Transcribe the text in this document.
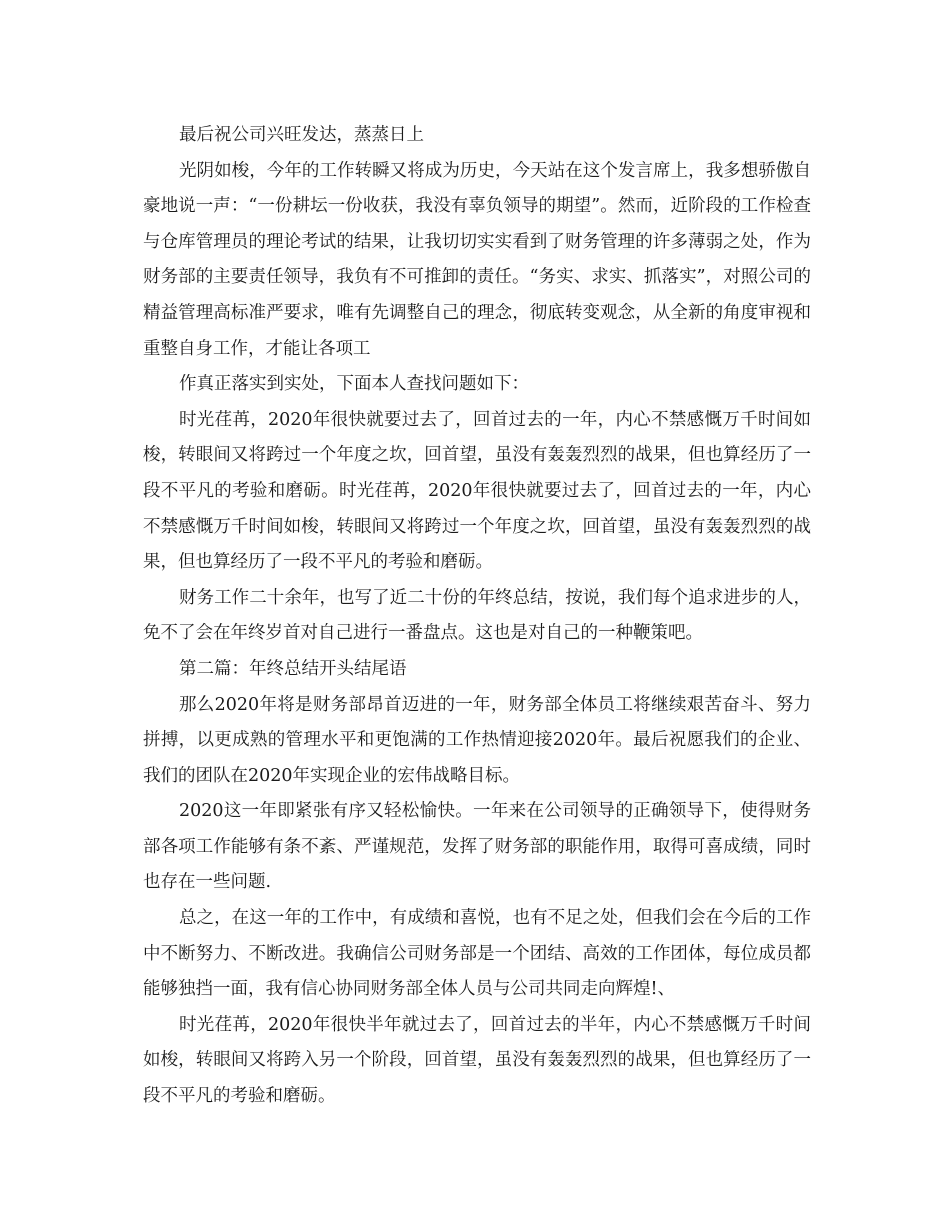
最后祝公司兴旺发达，蒸蒸日上

光阴如梭，今年的工作转瞬又将成为历史，今天站在这个发言席上，我多想骄傲自豪地说一声：“一份耕坛一份收获，我没有辜负领导的期望”。然而，近阶段的工作检查与仓库管理员的理论考试的结果，让我切切实实看到了财务管理的许多薄弱之处，作为财务部的主要责任领导，我负有不可推卸的责任。“务实、求实、抓落实”，对照公司的精益管理高标准严要求，唯有先调整自己的理念，彻底转变观念，从全新的角度审视和重整自身工作，才能让各项工

作真正落实到实处，下面本人查找问题如下：

时光荏苒，2020年很快就要过去了，回首过去的一年，内心不禁感慨万千时间如梭，转眼间又将跨过一个年度之坎，回首望，虽没有轰轰烈烈的战果，但也算经历了一段不平凡的考验和磨砺。时光荏苒，2020年很快就要过去了，回首过去的一年，内心不禁感慨万千时间如梭，转眼间又将跨过一个年度之坎，回首望，虽没有轰轰烈烈的战果，但也算经历了一段不平凡的考验和磨砺。

财务工作二十余年，也写了近二十份的年终总结，按说，我们每个追求进步的人，免不了会在年终岁首对自己进行一番盘点。这也是对自己的一种鞭策吧。

第二篇：年终总结开头结尾语

那么2020年将是财务部昂首迈进的一年，财务部全体员工将继续艰苦奋斗、努力拼搏，以更成熟的管理水平和更饱满的工作热情迎接2020年。最后祝愿我们的企业、我们的团队在2020年实现企业的宏伟战略目标。

2020这一年即紧张有序又轻松愉快。一年来在公司领导的正确领导下，使得财务部各项工作能够有条不紊、严谨规范，发挥了财务部的职能作用，取得可喜成绩，同时也存在一些问题.

总之，在这一年的工作中，有成绩和喜悦，也有不足之处，但我们会在今后的工作中不断努力、不断改进。我确信公司财务部是一个团结、高效的工作团体，每位成员都能够独挡一面，我有信心协同财务部全体人员与公司共同走向辉煌!、

时光荏苒，2020年很快半年就过去了，回首过去的半年，内心不禁感慨万千时间如梭，转眼间又将跨入另一个阶段，回首望，虽没有轰轰烈烈的战果，但也算经历了一段不平凡的考验和磨砺。
